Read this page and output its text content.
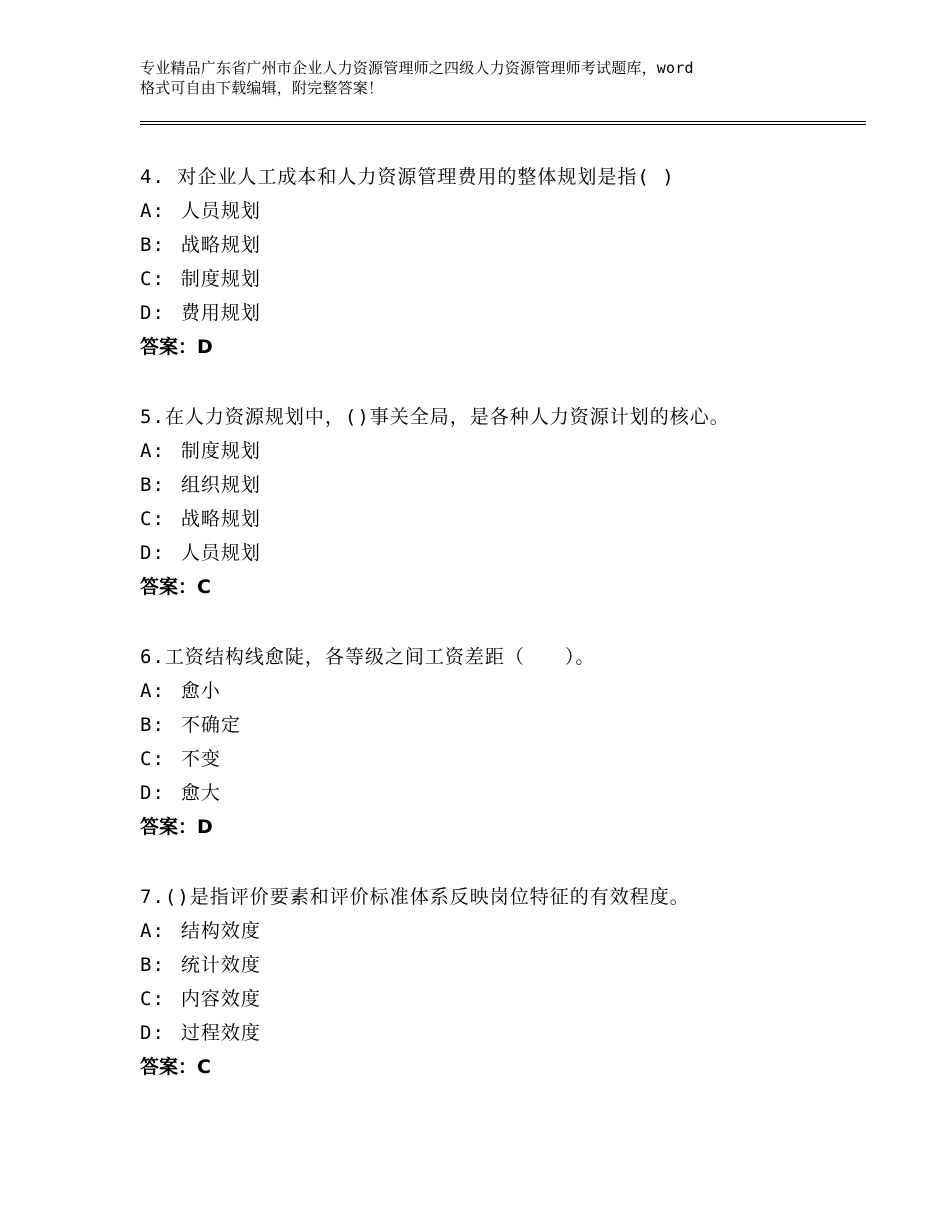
专业精品广东省广州市企业人力资源管理师之四级人力资源管理师考试题库，word
格式可自由下载编辑，附完整答案！
4. 对企业人工成本和人力资源管理费用的整体规划是指( )
A: 人员规划
B: 战略规划
C: 制度规划
D: 费用规划
答案：D
5.在人力资源规划中，()事关全局，是各种人力资源计划的核心。
A: 制度规划
B: 组织规划
C: 战略规划
D: 人员规划
答案：C
6.工资结构线愈陡，各等级之间工资差距（　　）。
A: 愈小
B: 不确定
C: 不变
D: 愈大
答案：D
7.()是指评价要素和评价标准体系反映岗位特征的有效程度。
A: 结构效度
B: 统计效度
C: 内容效度
D: 过程效度
答案：C
